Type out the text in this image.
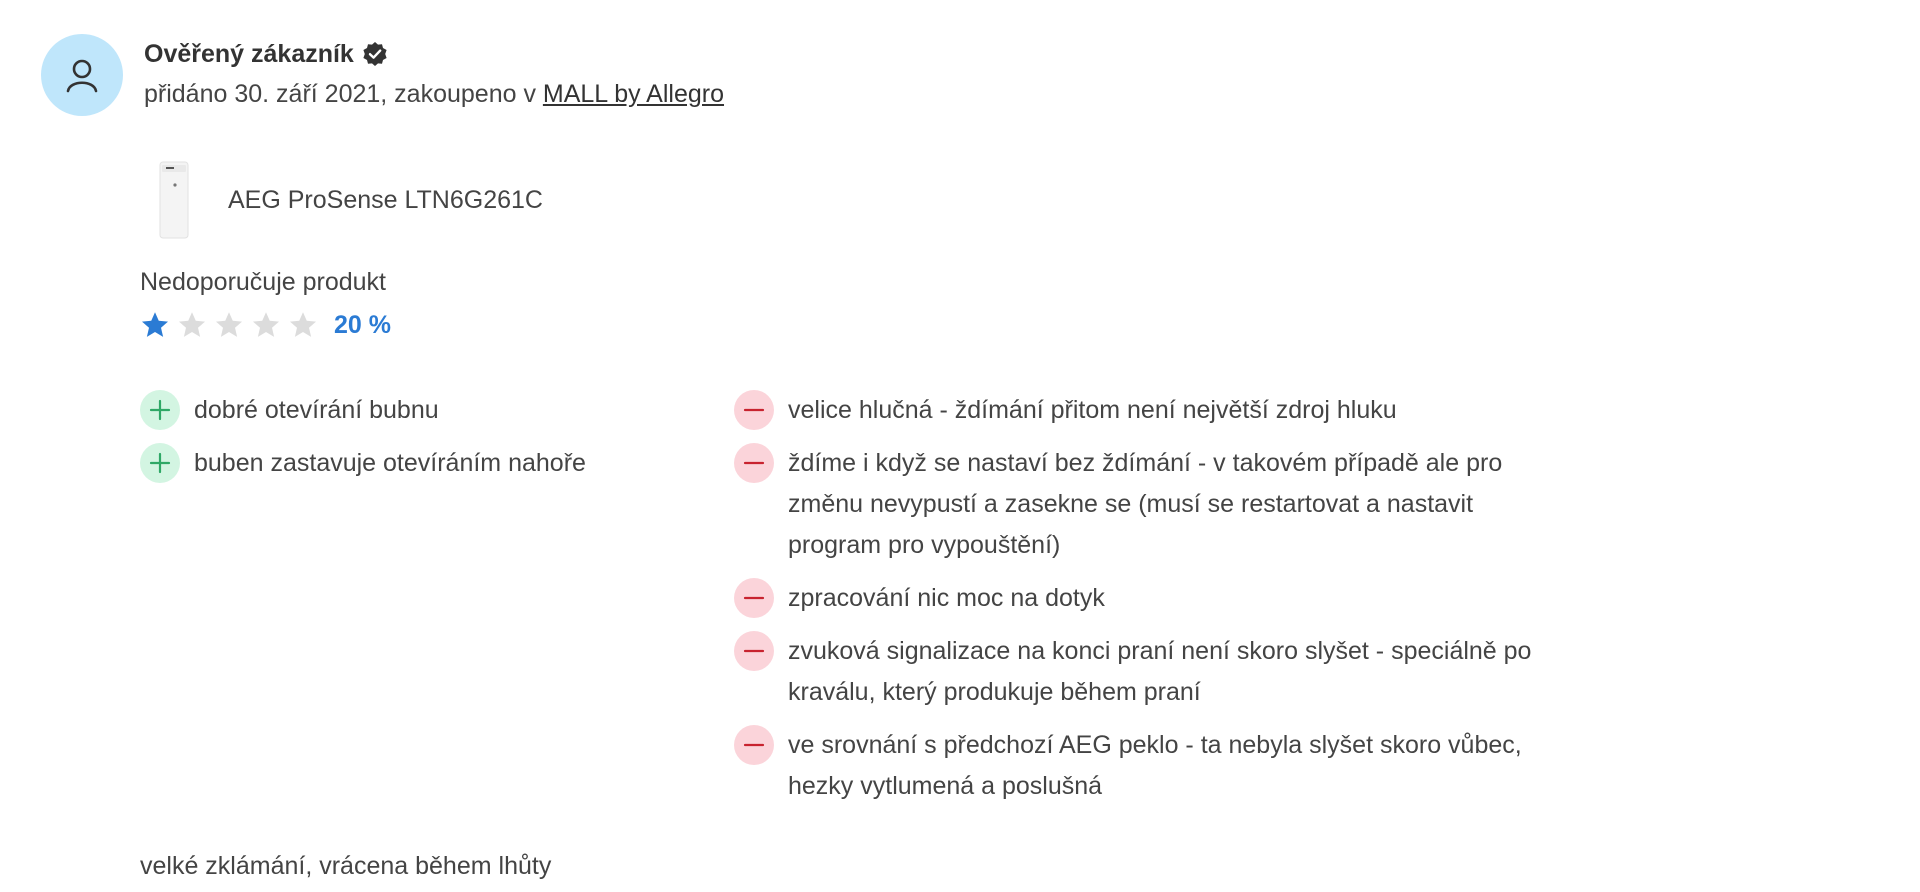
Ověřený zákazník
přidáno 30. září 2021, zakoupeno v MALL by Allegro
AEG ProSense LTN6G261C
Nedoporučuje produkt
20 %
dobré otevírání bubnu
buben zastavuje otevíráním nahoře
velice hlučná - ždímání přitom není největší zdroj hluku
ždíme i když se nastaví bez ždímání - v takovém případě ale pro změnu nevypustí a zasekne se (musí se restartovat a nastavit program pro vypouštění)
zpracování nic moc na dotyk
zvuková signalizace na konci praní není skoro slyšet - speciálně po kraválu, který produkuje během praní
ve srovnání s předchozí AEG peklo - ta nebyla slyšet skoro vůbec, hezky vytlumená a poslušná
velké zklámání, vrácena během lhůty
